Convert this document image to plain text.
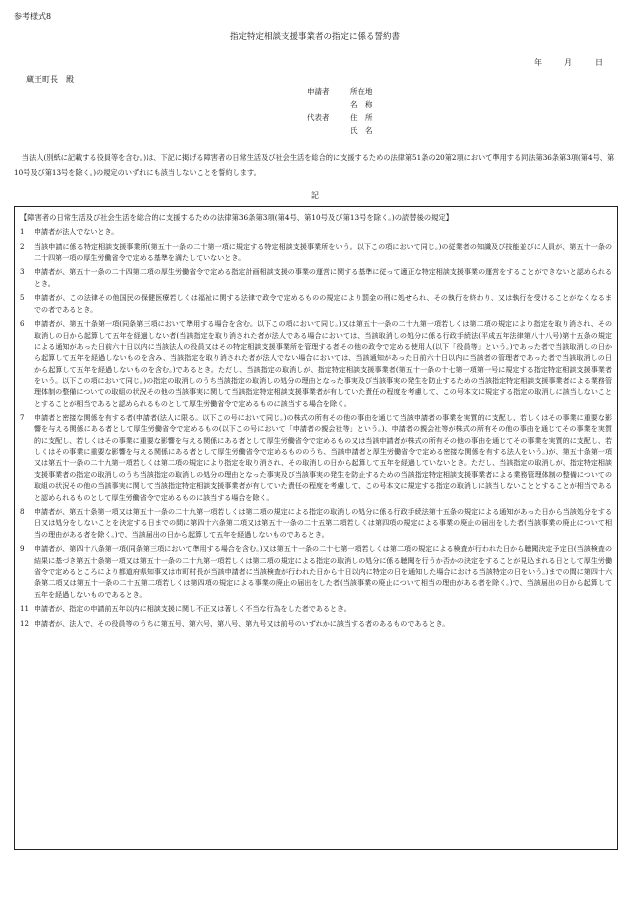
参考様式8
指定特定相談支援事業者の指定に係る誓約書
年	月	日
蔵王町長　殿
申請者	所在地
名　称
代表者	住　所
氏　名
当法人(別紙に記載する役員等を含む。)は、下記に掲げる障害者の日常生活及び社会生活を総合的に支援するための法律第51条の20第2項において準用する同法第36条第3項(第4号、第10号及び第13号を除く。)の規定のいずれにも該当しないことを誓約します。
記
【障害者の日常生活及び社会生活を総合的に支援するための法律第36条第3項(第4号、第10号及び第13号を除く。)の読替後の規定】
1	申請者が法人でないとき。
2	当該申請に係る特定相談支援事業所(第五十一条の二十第一項に規定する特定相談支援事業所をいう。以下この項において同じ。)の従業者の知識及び技能並びに人員が、第五十一条の二十四第一項の厚生労働省令で定める基準を満たしていないとき。
3	申請者が、第五十一条の二十四第二項の厚生労働省令で定める指定計画相談支援の事業の運営に関する基準に従って適正な特定相談支援事業の運営をすることができないと認められるとき。
5	申請者が、この法律その他国民の保健医療若しくは福祉に関する法律で政令で定めるものの規定により罰金の刑に処せられ、その執行を終わり、又は執行を受けることがなくなるまでの者であるとき。
6	申請者が、第五十条第一項(同条第三項において準用する場合を含む。以下この項において同じ。)又は第五十一条の二十九第一項若しくは第二項の規定により指定を取り消され、その取消しの日から起算して五年を経過しない者(当該指定を取り消された者が法人である場合においては、当該取消しの処分に係る行政手続法(平成五年法律第八十八号)第十五条の規定による通知があった日前六十日以内に当該法人の役員又はその特定相談支援事業所を管理する者その他の政令で定める使用人(以下「役員等」という。)であった者で当該取消しの日から起算して五年を経過しないものを含み、当該指定を取り消された者が法人でない場合においては、当該通知があった日前六十日以内に当該者の管理者であった者で当該取消しの日から起算して五年を経過しないものを含む。)であるとき。ただし、当該指定の取消しが、指定特定相談支援事業者(第五十一条の十七第一項第一号に規定する指定特定相談支援事業者をいう。以下この項において同じ。)の指定の取消しのうち当該指定の取消しの処分の理由となった事実及び当該事実の発生を防止するための当該指定特定相談支援事業者による業務管理体制の整備についての取組の状況その他の当該事実に関して当該指定特定相談支援事業者が有していた責任の程度を考慮して、この号本文に規定する指定の取消しに該当しないこととすることが相当であると認められるものとして厚生労働省令で定めるものに該当する場合を除く。
7	申請者と密接な関係を有する者(申請者(法人に限る。以下この号において同じ。)の株式の所有その他の事由を通じて当該申請者の事業を実質的に支配し、若しくはその事業に重要な影響を与える関係にある者として厚生労働省令で定めるもの(以下この号において「申請者の親会社等」という。)、申請者の親会社等が株式の所有その他の事由を通じてその事業を実質的に支配し、若しくはその事業に重要な影響を与える関係にある者として厚生労働省令で定めるもの又は当該申請者が株式の所有その他の事由を通じてその事業を実質的に支配し、若しくはその事業に重要な影響を与える関係にある者として厚生労働省令で定めるもののうち、当該申請者と厚生労働省令で定める密接な関係を有する法人をいう。)が、第五十条第一項又は第五十一条の二十九第一項若しくは第二項の規定により指定を取り消され、その取消しの日から起算して五年を経過していないとき。ただし、当該指定の取消しが、指定特定相談支援事業者の指定の取消しのうち当該指定の取消しの処分の理由となった事実及び当該事実の発生を防止するための当該指定特定相談支援事業者による業務管理体制の整備についての取組の状況その他の当該事実に関して当該指定特定相談支援事業者が有していた責任の程度を考慮して、この号本文に規定する指定の取消しに該当しないこととすることが相当であると認められるものとして厚生労働省令で定めるものに該当する場合を除く。
8	申請者が、第五十条第一項又は第五十一条の二十九第一項若しくは第二項の規定による指定の取消しの処分に係る行政手続法第十五条の規定による通知があった日から当該処分をする日又は処分をしないことを決定する日までの間に第四十六条第二項又は第五十一条の二十五第二項若しくは第四項の規定による事業の廃止の届出をした者(当該事業の廃止について相当の理由がある者を除く。)で、当該届出の日から起算して五年を経過しないものであるとき。
9	申請者が、第四十八条第一項(同条第三項において準用する場合を含む。)又は第五十一条の二十七第一項若しくは第二項の規定による検査が行われた日から聴聞決定予定日(当該検査の結果に基づき第五十条第一項又は第五十一条の二十九第一項若しくは第二項の規定による指定の取消しの処分に係る聴聞を行うか否かの決定をすることが見込まれる日として厚生労働省令で定めるところにより都道府県知事又は市町村長が当該申請者に当該検査が行われた日から十日以内に特定の日を通知した場合における当該特定の日をいう。)までの間に第四十六条第二項又は第五十一条の二十五第二項若しくは第四項の規定による事業の廃止の届出をした者(当該事業の廃止について相当の理由がある者を除く。)で、当該届出の日から起算して五年を経過しないものであるとき。
11 申請者が、指定の申請前五年以内に相談支援に関し不正又は著しく不当な行為をした者であるとき。
12 申請者が、法人で、その役員等のうちに第五号、第六号、第八号、第九号又は前号のいずれかに該当する者のあるものであるとき。
